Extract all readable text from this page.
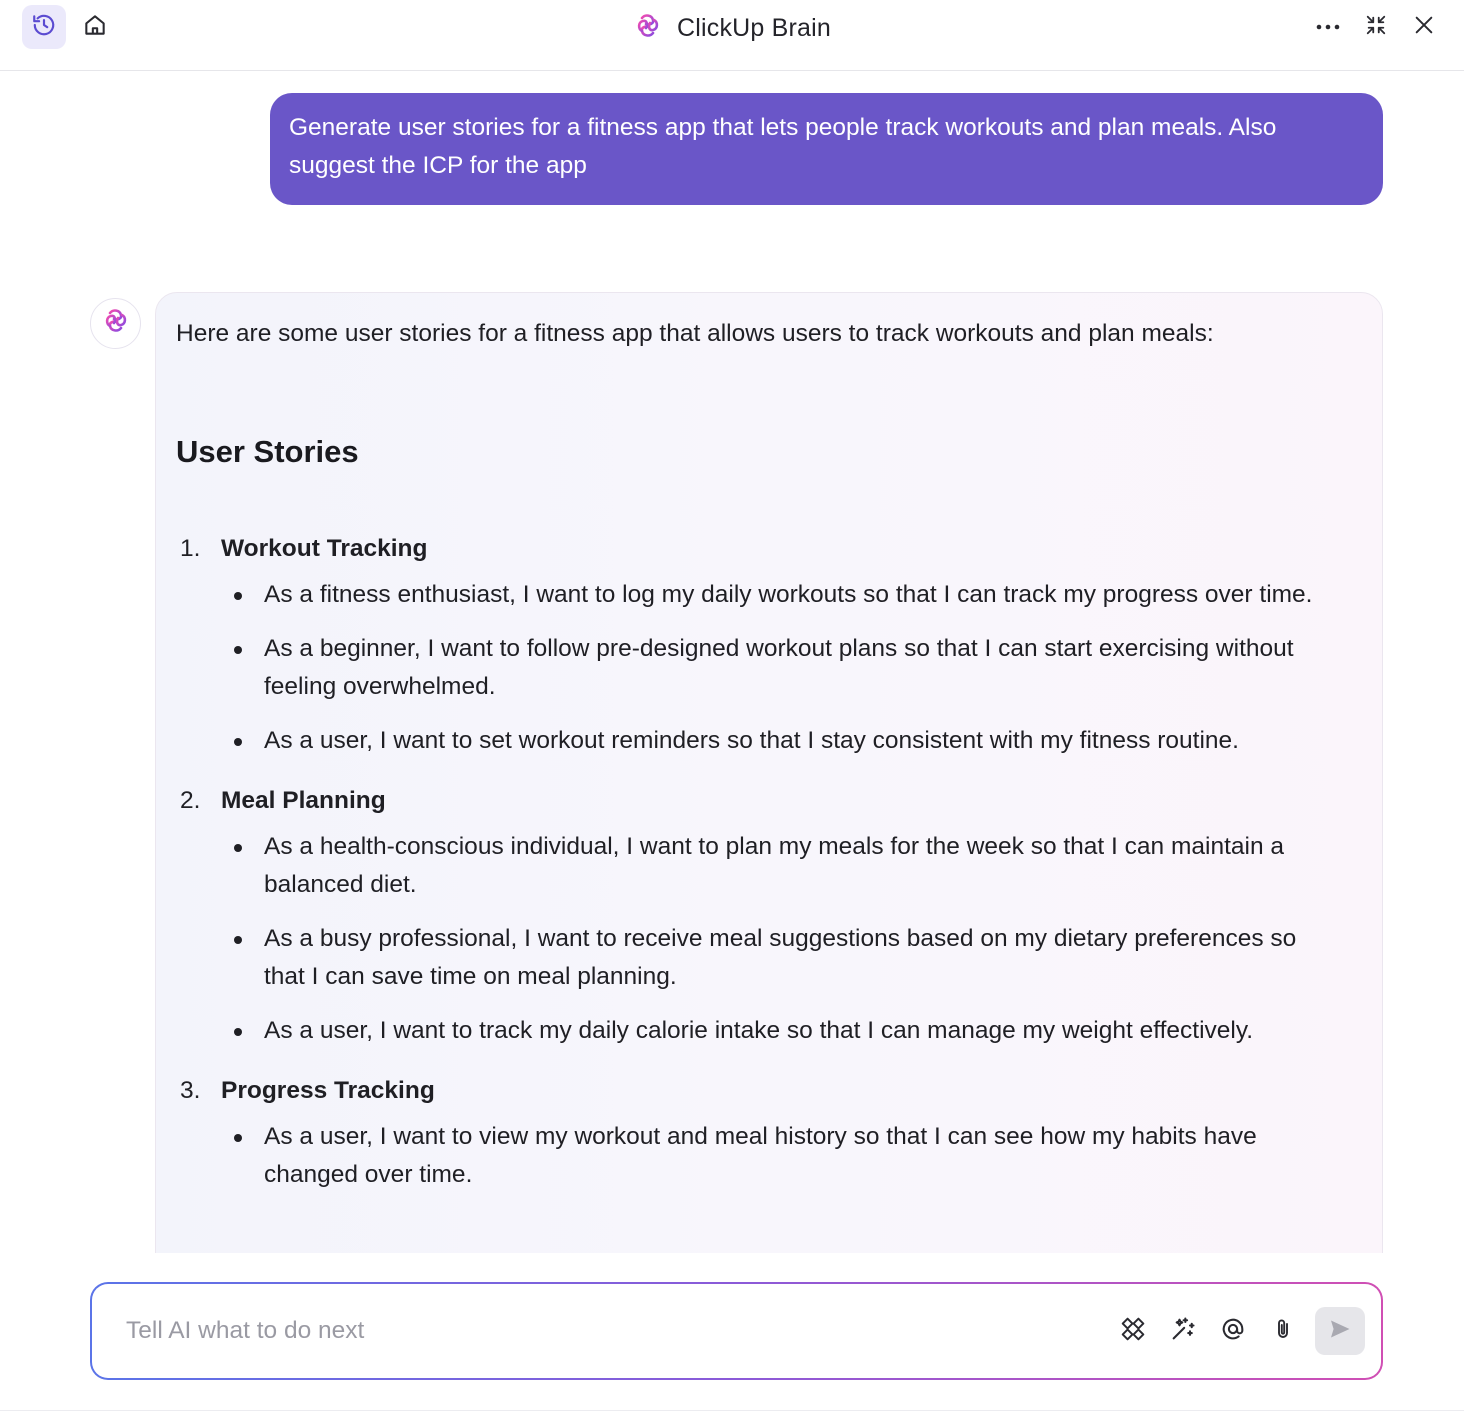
ClickUp Brain
Generate user stories for a fitness app that lets people track workouts and plan meals. Also suggest the ICP for the app

Here are some user stories for a fitness app that allows users to track workouts and plan meals:

User Stories
1. Workout Tracking
As a fitness enthusiast, I want to log my daily workouts so that I can track my progress over time.
As a beginner, I want to follow pre-designed workout plans so that I can start exercising without feeling overwhelmed.
As a user, I want to set workout reminders so that I stay consistent with my fitness routine.
2. Meal Planning
As a health-conscious individual, I want to plan my meals for the week so that I can maintain a balanced diet.
As a busy professional, I want to receive meal suggestions based on my dietary preferences so that I can save time on meal planning.
As a user, I want to track my daily calorie intake so that I can manage my weight effectively.
3. Progress Tracking
As a user, I want to view my workout and meal history so that I can see how my habits have changed over time.
Tell AI what to do next
